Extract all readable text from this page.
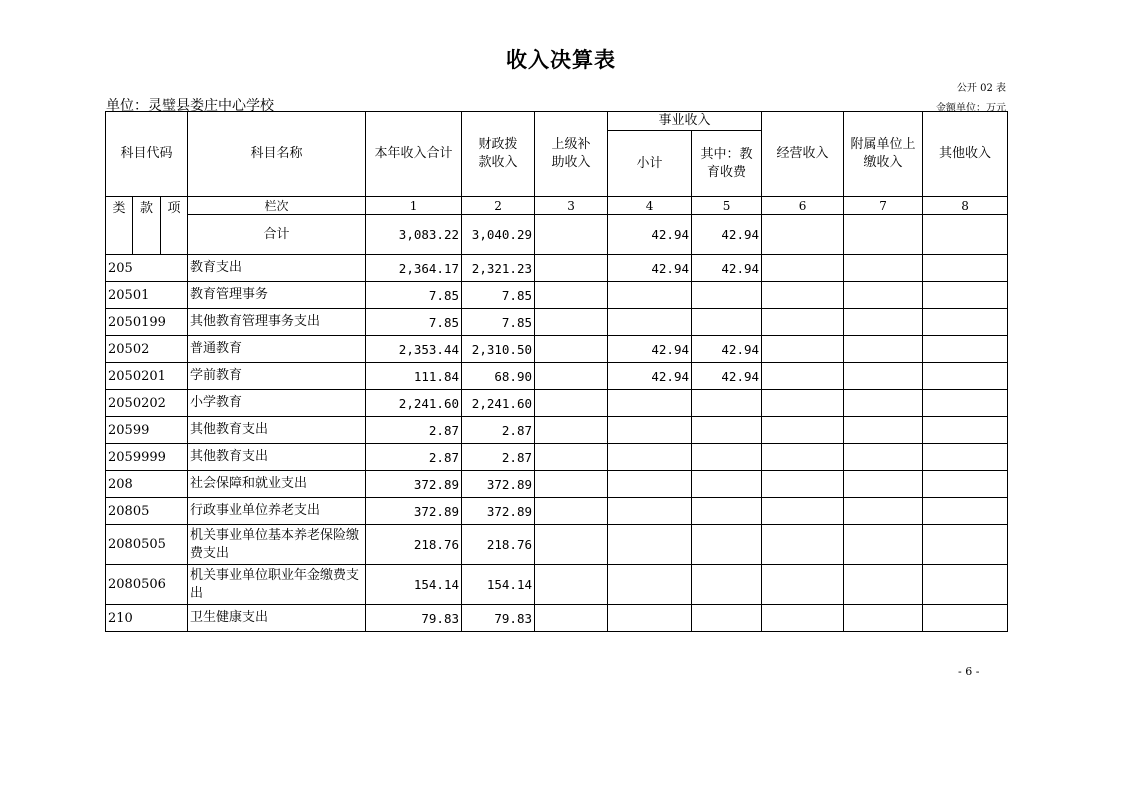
收入决算表
公开 02 表
单位：灵璧县娄庄中心学校	金额单位：万元
科目代码			科目名称	本年收入合计	财政拨款收入	上级补助收入	事业收入		经营收入	附属单位上缴收入	其他收入
							小计	其中：教育收费			

类	款	项	栏次	1	2	3	4	5	6	7	8
			合计	3,083.22	3,040.29		42.94	42.94			
205			教育支出	2,364.17	2,321.23		42.94	42.94			
20501			教育管理事务	7.85	7.85						
2050199			其他教育管理事务支出	7.85	7.85						
20502			普通教育	2,353.44	2,310.50		42.94	42.94			
2050201			学前教育	111.84	68.90		42.94	42.94			
2050202			小学教育	2,241.60	2,241.60						
20599			其他教育支出	2.87	2.87						
2059999			其他教育支出	2.87	2.87						
208			社会保障和就业支出	372.89	372.89						
20805			行政事业单位养老支出	372.89	372.89						
2080505			机关事业单位基本养老保险缴费支出	218.76	218.76						
2080506			机关事业单位职业年金缴费支出	154.14	154.14						
210			卫生健康支出	79.83	79.83						
- 6 -
